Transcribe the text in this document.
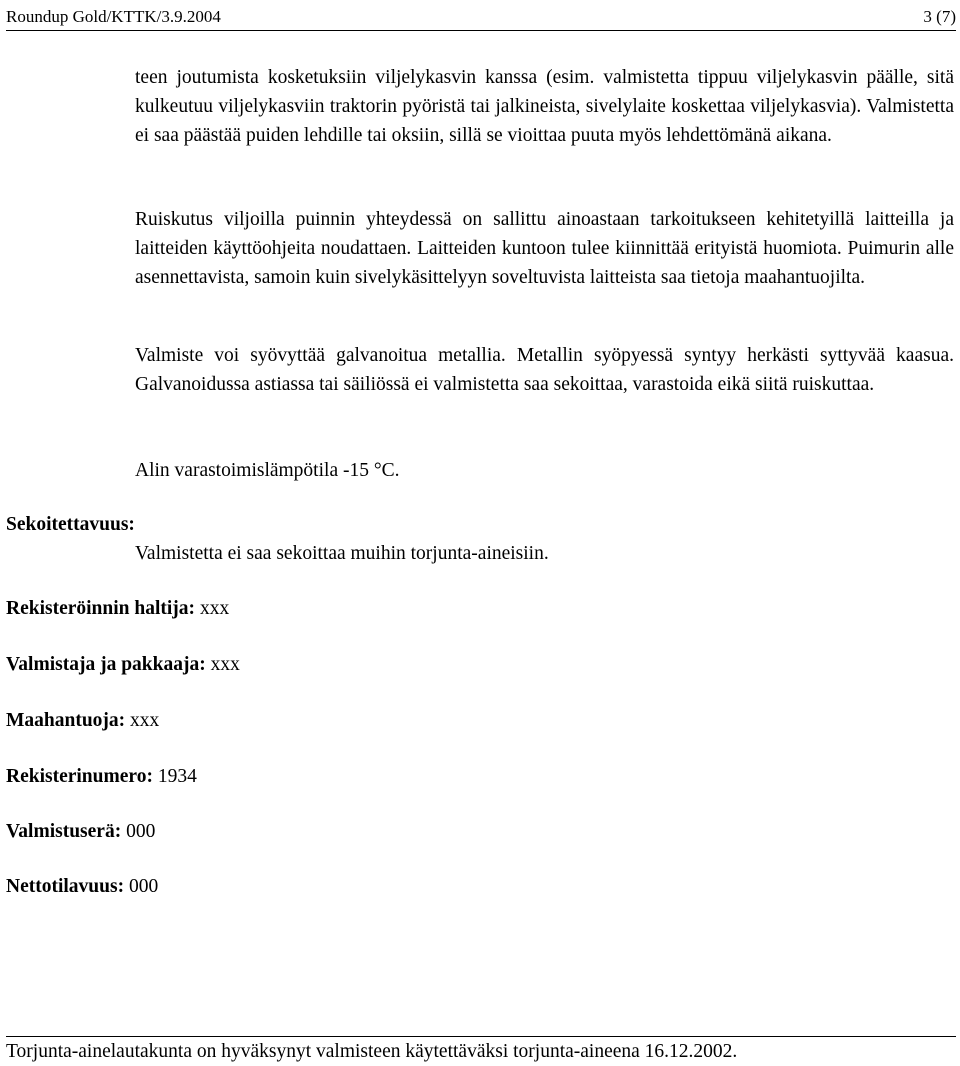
Roundup Gold/KTTK/3.9.2004	3 (7)

teen joutumista kosketuksiin viljelykasvin kanssa (esim. valmistetta tippuu viljelykasvin päälle, sitä kulkeutuu viljelykasviin traktorin pyöristä tai jalkineista, sivelylaite koskettaa viljelykasvia). Valmistetta ei saa päästää puiden lehdille tai oksiin, sillä se vioittaa puuta myös lehdettömänä aikana.

Ruiskutus viljoilla puinnin yhteydessä on sallittu ainoastaan tarkoitukseen kehitetyillä laitteilla ja laitteiden käyttöohjeita noudattaen. Laitteiden kuntoon tulee kiinnittää erityistä huomiota. Puimurin alle asennettavista, samoin kuin sivelykäsittelyyn soveltuvista laitteista saa tietoja maahantuojilta.

Valmiste voi syövyttää galvanoitua metallia. Metallin syöpyessä syntyy herkästi syttyvää kaasua. Galvanoidussa astiassa tai säiliössä ei valmistetta saa sekoittaa, varastoida eikä siitä ruiskuttaa.

Alin varastoimislämpötila -15 °C.

Sekoitettavuus:

Valmistetta ei saa sekoittaa muihin torjunta-aineisiin.

Rekisteröinnin haltija: xxx
Valmistaja ja pakkaaja: xxx
Maahantuoja: xxx
Rekisterinumero: 1934
Valmistuserä: 000
Nettotilavuus: 000
Torjunta-ainelautakunta on hyväksynyt valmisteen käytettäväksi torjunta-aineena 16.12.2002.
